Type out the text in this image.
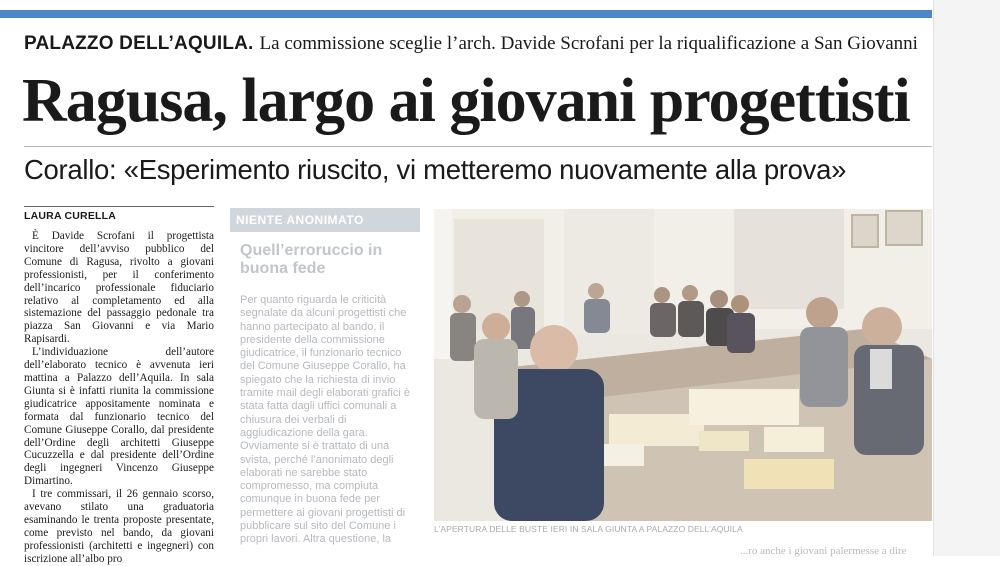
PALAZZO DELL’AQUILA. La commissione sceglie l’arch. Davide Scrofani per la riqualificazione a San Giovanni
Ragusa, largo ai giovani progettisti
Corallo: «Esperimento riuscito, vi metteremo nuovamente alla prova»
LAURA CURELLA

È Davide Scrofani il progettista vincitore dell’avviso pubblico del Comune di Ragusa, rivolto a giovani professionisti, per il conferimento dell’incarico professionale fiduciario relativo al completamento ed alla sistemazione del passaggio pedonale tra piazza San Giovanni e via Mario Rapisardi.

L’individuazione dell’autore dell’elaborato tecnico è avvenuta ieri mattina a Palazzo dell’Aquila. In sala Giunta si è infatti riunita la commissione giudicatrice appositamente nominata e formata dal funzionario tecnico del Comune Giuseppe Corallo, dal presidente dell’Ordine degli architetti Giuseppe Cucuzzella e dal presidente dell’Ordine degli ingegneri Vincenzo Giuseppe Dimartino.

I tre commissari, il 26 gennaio scorso, avevano stilato una graduatoria esaminando le trenta proposte presentate, come previsto nel bando, da giovani professionisti (architetti e ingegneri) con iscrizione all’albo pro

NIENTE ANONIMATO
Quell’erroruccio in buona fede
Per quanto riguarda le criticità segnalate da alcuni progettisti che hanno partecipato al bando, il presidente della commissione giudicatrice, il funzionario tecnico del Comune Giuseppe Corallo, ha spiegato che la richiesta di invio tramite mail degli elaborati grafici è stata fatta dagli uffici comunali a chiusura dei verbali di aggiudicazione della gara. Ovviamente si è trattato di una svista, perché l’anonimato degli elaborati ne sarebbe stato compromesso, ma compiuta comunque in buona fede per permettere ai giovani progettisti di pubblicare sul sito del Comune i propri lavori. Altra questione, la
L’APERTURA DELLE BUSTE IERI IN SALA GIUNTA A PALAZZO DELL’AQUILA
...ro anche i giovani palermesse a dire
